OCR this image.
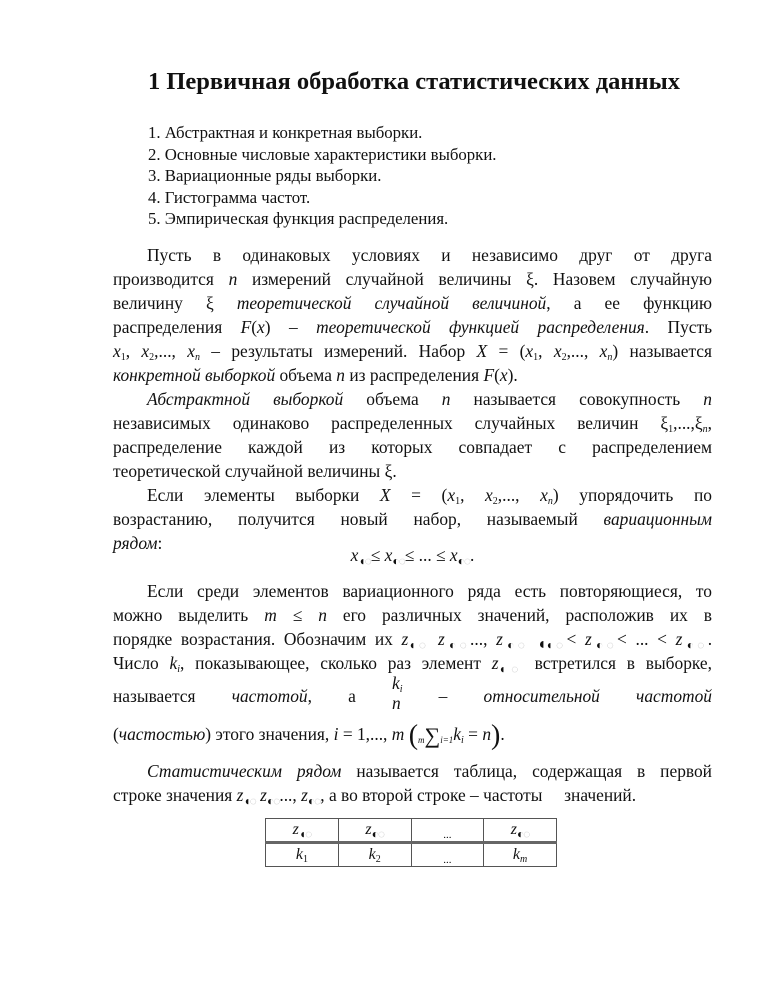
1 Первичная обработка статистических данных
1. Абстрактная и конкретная выборки.
2. Основные числовые характеристики выборки.
3. Вариационные ряды выборки.
4. Гистограмма частот.
5. Эмпирическая функция распределения.
Пусть в одинаковых условиях и независимо друг от друга
производится n измерений случайной величины ξ. Назовем случайную
величину ξ теоретической случайной величиной, а ее функцию
распределения F(x) – теоретической функцией распределения. Пусть
$x_1$, $x_2$,..., $x_n$ – результаты измерений. Набор $X = (x_1$, $x_2$,..., $x_n$) называется
конкретной выборкой объема n из распределения F(x).
Абстрактной выборкой объема n называется совокупность n
независимых одинаково распределенных случайных величин $\xi_1,...,\xi_n$,
распределение каждой из которых совпадает с распределением
теоретической случайной величины ξ.
Если элементы выборки $X = (x_1$, $x_2$,..., $x_n$) упорядочить по
возрастанию, получится новый набор, называемый вариационным
рядом:
$x_{◖◌}\le x_{◐◌}\le$ ... ≤ $x_{◐◌}$.
Если среди элементов вариационного ряда есть повторяющиеся, то
можно выделить m ≤ n его различных значений, расположив их в
порядке возрастания. Обозначим их $z_{◖◌}$ $z_{◐◌}$..., $z_{◐◌}$ $◖_{◖◌}< z_{◐◌}<$ ... < $z_{◐◌}$.
Число $k_i$, показывающее, сколько раз элемент $z_{◖◌}$ встретился в выборке,
называется частотой, а
$k_i$
n – относительной частотой
(частостью) этого значения, i = 1,..., m $(m\sum i=1k_i = n)$.
Статистическим рядом называется таблица, содержащая в первой
строке значения $z_{◖◌}$ $z_{◐◌}$..., $z_{◐◌}$, а во второй строке – частоты значений.
$z_{◖◌}$	$z_{◐◌}$	...	$z_{◐◌}$
$k_1$	$k_2$	...	$k_m$
